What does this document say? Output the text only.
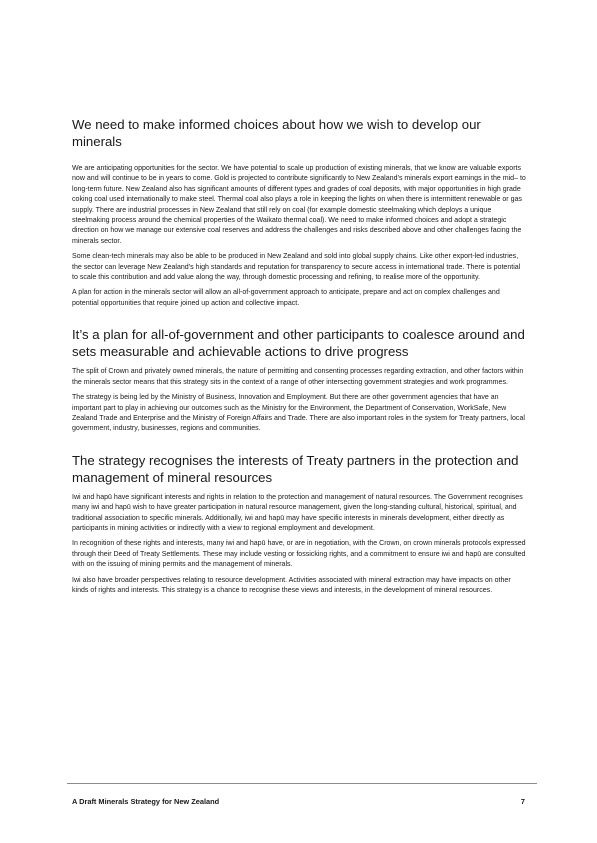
We need to make informed choices about how we wish to develop our minerals

We are anticipating opportunities for the sector. We have potential to scale up production of existing minerals, that we know are valuable exports now and will continue to be in years to come. Gold is projected to contribute significantly to New Zealand’s minerals export earnings in the mid– to long-term future. New Zealand also has significant amounts of different types and grades of coal deposits, with major opportunities in high grade coking coal used internationally to make steel. Thermal coal also plays a role in keeping the lights on when there is intermittent renewable or gas supply. There are industrial processes in New Zealand that still rely on coal (for example domestic steelmaking which deploys a unique steelmaking process around the chemical properties of the Waikato thermal coal). We need to make informed choices and adopt a strategic direction on how we manage our extensive coal reserves and address the challenges and risks described above and other challenges facing the minerals sector.

Some clean-tech minerals may also be able to be produced in New Zealand and sold into global supply chains. Like other export-led industries, the sector can leverage New Zealand’s high standards and reputation for transparency to secure access in international trade. There is potential to scale this contribution and add value along the way, through domestic processing and refining, to realise more of the opportunity.

A plan for action in the minerals sector will allow an all-of-government approach to anticipate, prepare and act on complex challenges and potential opportunities that require joined up action and collective impact.

It’s a plan for all-of-government and other participants to coalesce around and sets measurable and achievable actions to drive progress

The split of Crown and privately owned minerals, the nature of permitting and consenting processes regarding extraction, and other factors within the minerals sector means that this strategy sits in the context of a range of other intersecting government strategies and work programmes.

The strategy is being led by the Ministry of Business, Innovation and Employment. But there are other government agencies that have an important part to play in achieving our outcomes such as the Ministry for the Environment, the Department of Conservation, WorkSafe, New Zealand Trade and Enterprise and the Ministry of Foreign Affairs and Trade. There are also important roles in the system for Treaty partners, local government, industry, businesses, regions and communities.

The strategy recognises the interests of Treaty partners in the protection and management of mineral resources

Iwi and hapū have significant interests and rights in relation to the protection and management of natural resources. The Government recognises many iwi and hapū wish to have greater participation in natural resource management, given the long-standing cultural, historical, spiritual, and traditional association to specific minerals. Additionally, iwi and hapū may have specific interests in minerals development, either directly as participants in mining activities or indirectly with a view to regional employment and development.

In recognition of these rights and interests, many iwi and hapū have, or are in negotiation, with the Crown, on crown minerals protocols expressed through their Deed of Treaty Settlements. These may include vesting or fossicking rights, and a commitment to ensure iwi and hapū are consulted with on the issuing of mining permits and the management of minerals.

Iwi also have broader perspectives relating to resource development. Activities associated with mineral extraction may have impacts on other kinds of rights and interests. This strategy is a chance to recognise these views and interests, in the development of mineral resources.

A Draft Minerals Strategy for New Zealand	7
